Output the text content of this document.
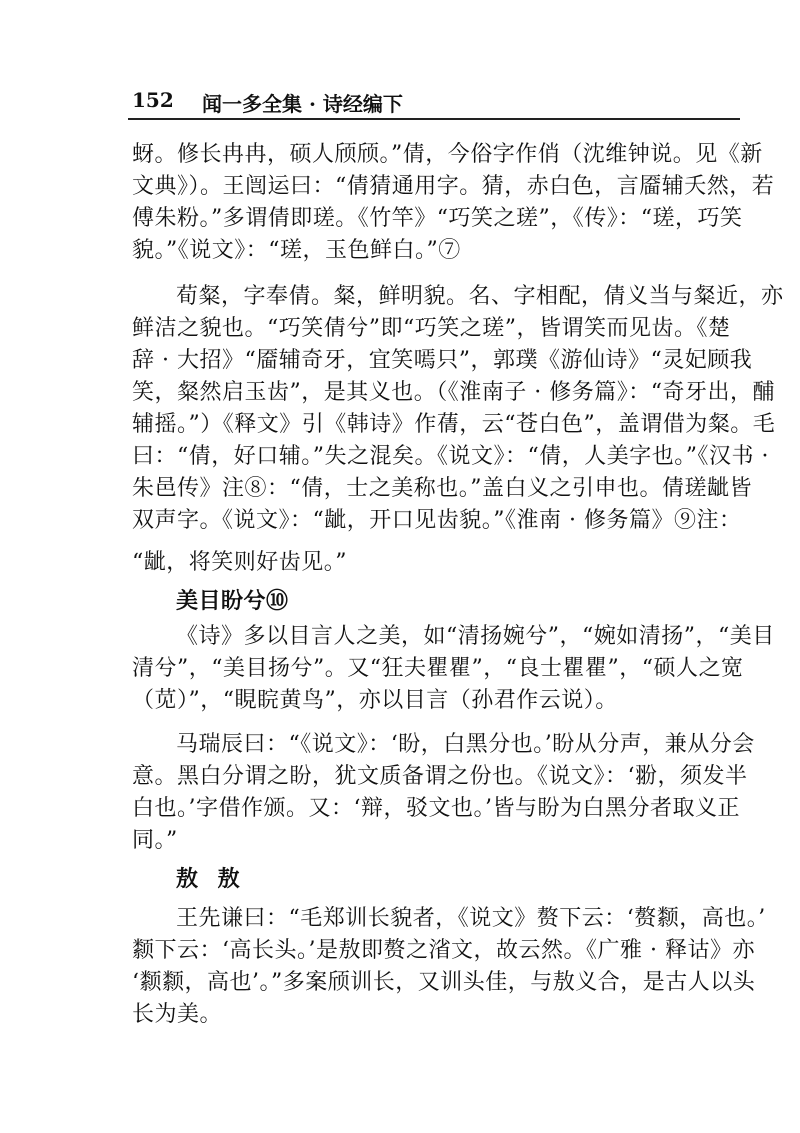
152 闻一多全集 · 诗经编下
蚜。修长冉冉，硕人颀颀。”倩，今俗字作俏（沈维钟说。见《新
文典》）。王闿运曰：“倩猜通用字。猜，赤白色，言靥辅夭然，若
傅朱粉。”多谓倩即瑳。《竹竿》“巧笑之瑳”，《传》：“瑳，巧笑
貌。”《说文》：“瑳，玉色鲜白。”⑦
荀粲，字奉倩。粲，鲜明貌。名、字相配，倩义当与粲近，亦
鲜洁之貌也。“巧笑倩兮”即“巧笑之瑳”，皆谓笑而见齿。《楚
辞 · 大招》“靥辅奇牙，宜笑嘕只”，郭璞《游仙诗》“灵妃顾我
笑，粲然启玉齿”，是其义也。（《淮南子 · 修务篇》：“奇牙出，酺
辅摇。”）《释文》引《韩诗》作蒨，云“苍白色”，盖谓借为粲。毛
曰：“倩，好口辅。”失之混矣。《说文》：“倩，人美字也。”《汉书 ·
朱邑传》注⑧：“倩，士之美称也。”盖白义之引申也。倩瑳龇皆
双声字。《说文》：“龇，开口见齿貌。”《淮南 · 修务篇》⑨注：
“龇，将笑则好齿见。”
美目盼兮⑩
《诗》多以目言人之美，如“清扬婉兮”，“婉如清扬”，“美目
清兮”，“美目扬兮”。又“狂夫瞿瞿”，“良士瞿瞿”，“硕人之宽
（苋）”，“睍睆黄鸟”，亦以目言（孙君作云说）。
马瑞辰曰：“《说文》：‘盼，白黑分也。’盼从分声，兼从分会
意。黑白分谓之盼，犹文质备谓之份也。《说文》：‘翂，须发半
白也。’字借作颁。又：‘辩，驳文也。’皆与盼为白黑分者取义正
同。”
敖 敖
王先谦曰：“毛郑训长貌者，《说文》赘下云：‘赘颣，高也。’
颣下云：‘高长头。’是敖即赘之渻文，故云然。《广雅 · 释诂》亦
‘颣颣，高也’。”多案颀训长，又训头佳，与敖义合，是古人以头
长为美。
